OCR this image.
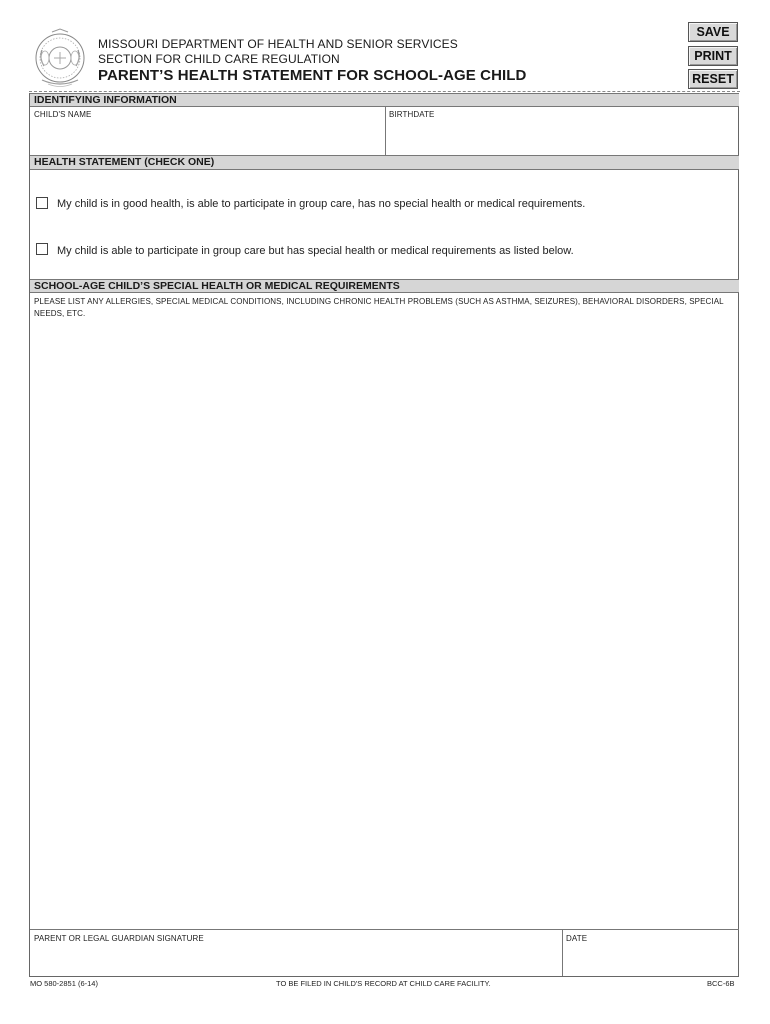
MISSOURI DEPARTMENT OF HEALTH AND SENIOR SERVICES
SECTION FOR CHILD CARE REGULATION
PARENT’S HEALTH STATEMENT FOR SCHOOL-AGE CHILD
SAVE
PRINT
RESET
IDENTIFYING INFORMATION
CHILD'S NAME	BIRTHDATE
HEALTH STATEMENT (CHECK ONE)
My child is in good health, is able to participate in group care, has no special health or medical requirements.
My child is able to participate in group care but has special health or medical requirements as listed below.
SCHOOL-AGE CHILD’S SPECIAL HEALTH OR MEDICAL REQUIREMENTS
PLEASE LIST ANY ALLERGIES, SPECIAL MEDICAL CONDITIONS, INCLUDING CHRONIC HEALTH PROBLEMS (SUCH AS ASTHMA, SEIZURES), BEHAVIORAL DISORDERS, SPECIAL NEEDS, ETC.
PARENT OR LEGAL GUARDIAN SIGNATURE	DATE
MO 580-2851 (6-14)	TO BE FILED IN CHILD'S RECORD AT CHILD CARE FACILITY.	BCC-6B
